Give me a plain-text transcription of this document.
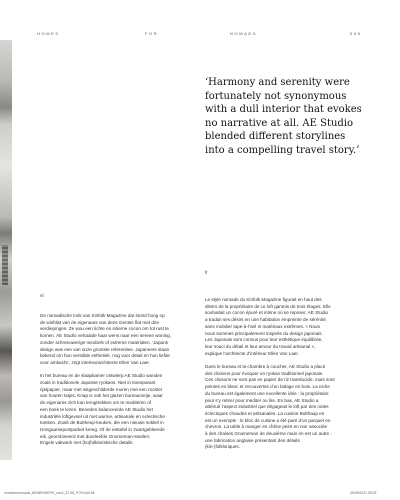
HOMES	FOR	NOMADS	065
‘Harmony and serenity were
fortunately not synonymous
with a dull interior that evokes
no narrative at all. AE Studio
blended different storylines
into a compelling travel story.’
fr
nl

De nomadische look van Kinfolk Magazine dat stond hoog op
de wishlist van de eigenaars van deze Gentse flat met drie
verdiepingen. Ze wou een lichte en intieme cocon om tot rust te
komen. AE Studio vertaalde haar wens naar een serene woning,
zonder schreeuwerige meubels of extreme materialen. ‘Japans
design was een van onze grootste referenties. Japanners staan
bekend om hun verstilde esthetiek, nog voor detail en hun liefde
voor ambacht’, zegt interieurarchitecte Ellen Van Laer.

In het bureau en de slaapkamer ontwierp AE Studio wanden
zoals in traditionele Japanse ryokans. Niet in transparant
rijstpapier, maar met witgeschilderde muren met een rooster
van houten latjes. Knap is ook het glazen bureaumeije, waar
de eigenares zich kan terugtrekken om te mediteren of
een boek te lezen. Beneden balanceerde AE Studio het
industriële loftgevoel uit met warme, artisanale en eclectische
toetsen. Zoals de Buttheup-keuken, die een nieuwe sokkel in
Hongaarsepuntparket kreeg. Of de eettafel in zwartgebleerde
eik, geornbineerd met doorleefde Gnomeman-stoelen:
Engels vakwerk met (ko)folkloristische details.

Le style nomade du Kinfolk Magazine figurait en haut des
désirs de la propriétaire de ce loft gantois de trois étages. Elle
souhaitait un cocon épuré et intime où se reposer. AE Studio
a traduit ses désirs en une habitation empreinte de sérénité,
sans mobilier tape-à-l’œil ni matériaux extrêmes. « Nous
nous sommes principalement inspirés du design japonais.
Les Japonais sont connus pour leur esthétique équilibrée,
leur souci du détail et leur amour du travail artisanal »,
explique l’architecte d’intérieur Ellen Van Laer.

Dans le bureau et la chambre à coucher, AE Studio a placé
des cloisons pour évoquer un ryokan traditionnel japonais.
Ces cloisons ne sont pas en papier de riz translucide, mais sont
peintes en blanc et recouvertes d’un lattage en bois. La niche
du bureau est également une excellente idée : la propriétaire
peut s’y retirer pour méditer ou lire. En bas, AE Studio a
atténué l’aspect industriel que dégageait le loft par des notes
éclectiques chaudes et artisanales. La cuisine Bulthaup en
est un exemple : le bloc de cuisine a été paré d’un parquet en
chevron. La table à manger en chêne peint en noir associée
à des chaises Gnomeman de deuxième main en est un autre :
une fabrication anglaise présentant des détails
(kin-)folkloriques.

homesfornomads_BINNENHEPK_crrc4_22 58_POF.indd 65	05/09/2021 09:33
